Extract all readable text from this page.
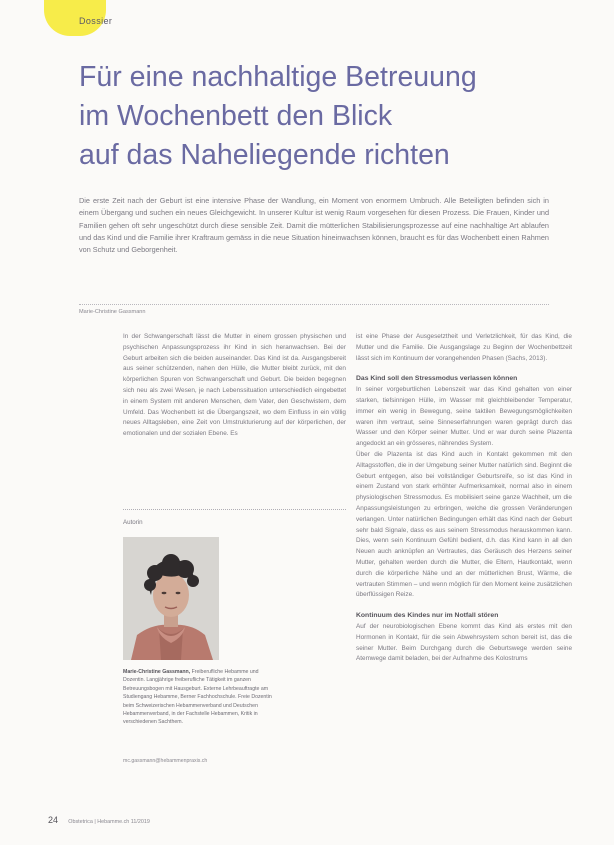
Dossier
Für eine nachhaltige Betreuung
im Wochenbett den Blick
auf das Naheliegende richten

Die erste Zeit nach der Geburt ist eine intensive Phase der Wandlung, ein Moment von enormem Umbruch. Alle Beteiligten befinden sich in einem Übergang und suchen ein neues Gleichgewicht. In unserer Kultur ist wenig Raum vorgesehen für diesen Prozess. Die Frauen, Kinder und Familien gehen oft sehr ungeschützt durch diese sensible Zeit. Damit die mütterlichen Stabilisierungsprozesse auf eine nachhaltige Art ablaufen und das Kind und die Familie ihrer Kraftraum gemäss in die neue Situation hineinwachsen können, braucht es für das Wochenbett einen Rahmen von Schutz und Geborgenheit.

Marie-Christine Gassmann

In der Schwangerschaft lässt die Mutter in einem grossen physischen und psychischen Anpassungsprozess ihr Kind in sich heranwachsen. Bei der Geburt arbeiten sich die beiden auseinander. Das Kind ist da. Ausgangsbereit aus seiner schützenden, nahen den Hülle, die Mutter bleibt zurück, mit den körperlichen Spuren von Schwangerschaft und Geburt. Die beiden begegnen sich neu als zwei Wesen, je nach Lebenssituation unterschiedlich eingebettet in einem System mit anderen Menschen, dem Vater, den Geschwistern, dem Umfeld. Das Wochenbett ist die Übergangszeit, wo dem Einfluss in ein völlig neues Alltagsleben, eine Zeit von Umstrukturierung auf der körperlichen, der emotionalen und der sozialen Ebene. Es

Autorin

Marie-Christine Gassmann, Freiberufliche Hebamme und Dozentin. Langjährige freiberufliche Tätigkeit im ganzen Betreuungsbogen mit Hausgeburt. Externe Lehrbeauftragte am Studiengang Hebamme, Berner Fachhochschule. Freie Dozentin beim Schweizerischen Hebammenverband und Deutschen Hebammenverband, in der Fachstelle Hebammen, Kritik in verschiedenen Sachthem.

mc.gassmann@hebammenpraxis.ch

ist eine Phase der Ausgesetztheit und Verletzlichkeit, für das Kind, die Mutter und die Familie. Die Ausgangslage zu Beginn der Wochenbettzeit lässt sich im Kontinuum der vorangehenden Phasen (Sachs, 2013).

Das Kind soll den Stressmodus verlassen können

In seiner vorgeburtlichen Lebenszeit war das Kind gehalten von einer starken, tiefsinnigen Hülle, im Wasser mit gleichbleibender Temperatur, immer ein wenig in Bewegung, seine taktilen Bewegungsmöglichkeiten waren ihm vertraut, seine Sinneserfahrungen waren geprägt durch das Wasser und den Körper seiner Mutter. Und er war durch seine Plazenta angedockt an ein grösseres, nährendes System.

Über die Plazenta ist das Kind auch in Kontakt gekommen mit den Alltagsstoffen, die in der Umgebung seiner Mutter natürlich sind. Beginnt die Geburt entgegen, also bei vollständiger Geburtsreife, so ist das Kind in einem Zustand von stark erhöhter Aufmerksamkeit, normal also in einem physiologischen Stressmodus. Es mobilisiert seine ganze Wachheit, um die Anpassungsleistungen zu erbringen, welche die grossen Veränderungen verlangen. Unter natürlichen Bedingungen erhält das Kind nach der Geburt sehr bald Signale, dass es aus seinem Stressmodus herauskommen kann. Dies, wenn sein Kontinuum Gefühl bedient, d.h. das Kind kann in all den Neuen auch anknüpfen an Vertrautes, das Geräusch des Herzens seiner Mutter, gehalten werden durch die Mutter, die Eltern, Hautkontakt, wenn durch die körperliche Nähe und an der mütterlichen Brust, Wärme, die vertrauten Stimmen – und wenn möglich für den Moment keine zusätzlichen überflüssigen Reize.

Kontinuum des Kindes nur im Notfall stören

Auf der neurobiologischen Ebene kommt das Kind als erstes mit den Hormonen in Kontakt, für die sein Abwehrsystem schon bereit ist, das die seiner Mutter. Beim Durchgang durch die Geburtswege werden seine Atemwege damit beladen, bei der Aufnahme des Kolostrums

24 Obstetrica | Hebamme.ch 11/2019
